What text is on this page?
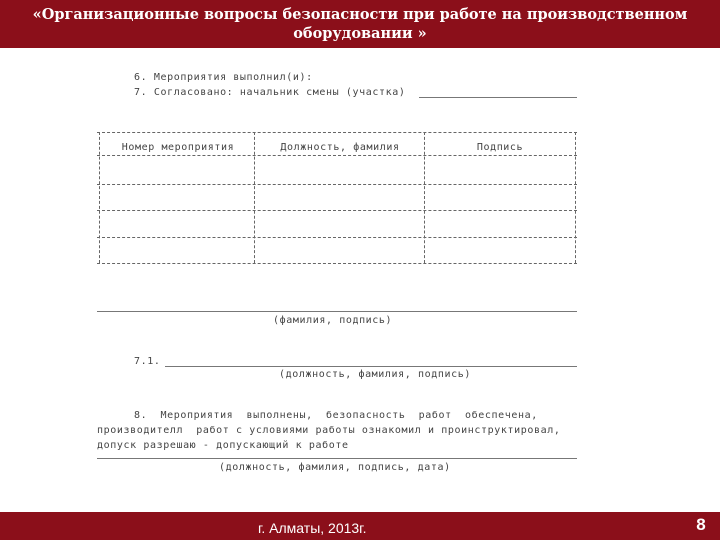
«Организационные вопросы безопасности при работе на производственном
оборудовании »
6. Мероприятия выполнил(и):
7. Согласовано: начальник смены (участка)
Номер мероприятия	Должность, фамилия	Подпись
(фамилия, подпись)
7.1.
(должность, фамилия, подпись)
8.  Мероприятия  выполнены,  безопасность  работ  обеспечена,
производителл  работ с условиями работы ознакомил и проинструктировал,
допуск разрешаю - допускающий к работе
(должность, фамилия, подпись, дата)
г. Алматы, 2013г.	8
